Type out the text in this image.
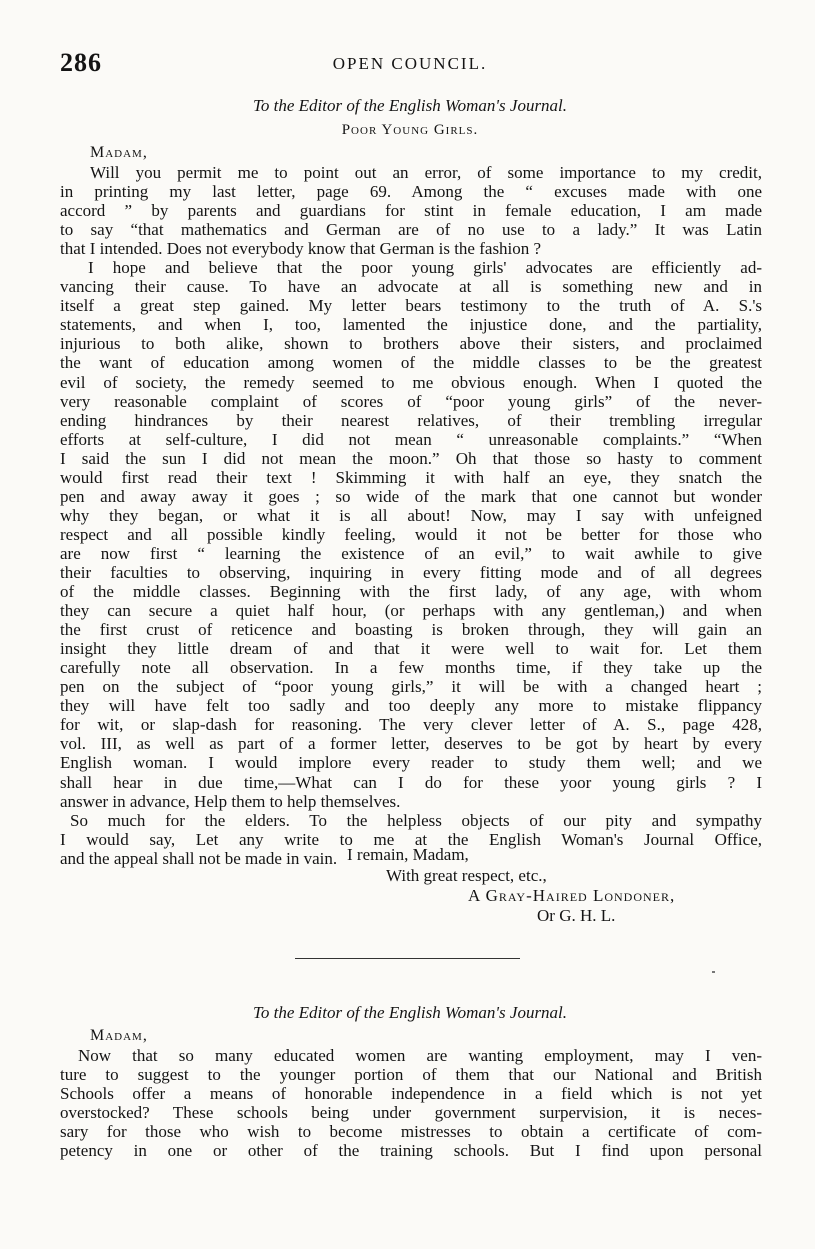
286	OPEN COUNCIL.
To the Editor of the English Woman's Journal.
Poor Young Girls.
Madam,
Will you permit me to point out an error, of some importance to my credit,
in printing my last letter, page 69. Among the “ excuses made with one
accord ” by parents and guardians for stint in female education, I am made
to say “that mathematics and German are of no use to a lady.” It was Latin
that I intended. Does not everybody know that German is the fashion ?
I hope and believe that the poor young girls' advocates are efficiently ad-
vancing their cause. To have an advocate at all is something new and in
itself a great step gained. My letter bears testimony to the truth of A. S.'s
statements, and when I, too, lamented the injustice done, and the partiality,
injurious to both alike, shown to brothers above their sisters, and proclaimed
the want of education among women of the middle classes to be the greatest
evil of society, the remedy seemed to me obvious enough. When I quoted the
very reasonable complaint of scores of “poor young girls” of the never-
ending hindrances by their nearest relatives, of their trembling irregular
efforts at self-culture, I did not mean “ unreasonable complaints.” “When
I said the sun I did not mean the moon.” Oh that those so hasty to comment
would first read their text ! Skimming it with half an eye, they snatch the
pen and away away it goes ; so wide of the mark that one cannot but wonder
why they began, or what it is all about! Now, may I say with unfeigned
respect and all possible kindly feeling, would it not be better for those who
are now first “ learning the existence of an evil,” to wait awhile to give
their faculties to observing, inquiring in every fitting mode and of all degrees
of the middle classes. Beginning with the first lady, of any age, with whom
they can secure a quiet half hour, (or perhaps with any gentleman,) and when
the first crust of reticence and boasting is broken through, they will gain an
insight they little dream of and that it were well to wait for. Let them
carefully note all observation. In a few months time, if they take up the
pen on the subject of “poor young girls,” it will be with a changed heart ;
they will have felt too sadly and too deeply any more to mistake flippancy
for wit, or slap-dash for reasoning. The very clever letter of A. S., page 428,
vol. III, as well as part of a former letter, deserves to be got by heart by every
English woman. I would implore every reader to study them well; and we
shall hear in due time,—What can I do for these yoor young girls ? I
answer in advance, Help them to help themselves.
So much for the elders. To the helpless objects of our pity and sympathy
I would say, Let any write to me at the English Woman's Journal Office,
and the appeal shall not be made in vain. I remain, Madam,
With great respect, etc.,
A Gray-Haired Londoner,
Or G. H. L.
To the Editor of the English Woman's Journal.
Madam,
Now that so many educated women are wanting employment, may I ven-
ture to suggest to the younger portion of them that our National and British
Schools offer a means of honorable independence in a field which is not yet
overstocked? These schools being under government surpervision, it is neces-
sary for those who wish to become mistresses to obtain a certificate of com-
petency in one or other of the training schools. But I find upon personal
